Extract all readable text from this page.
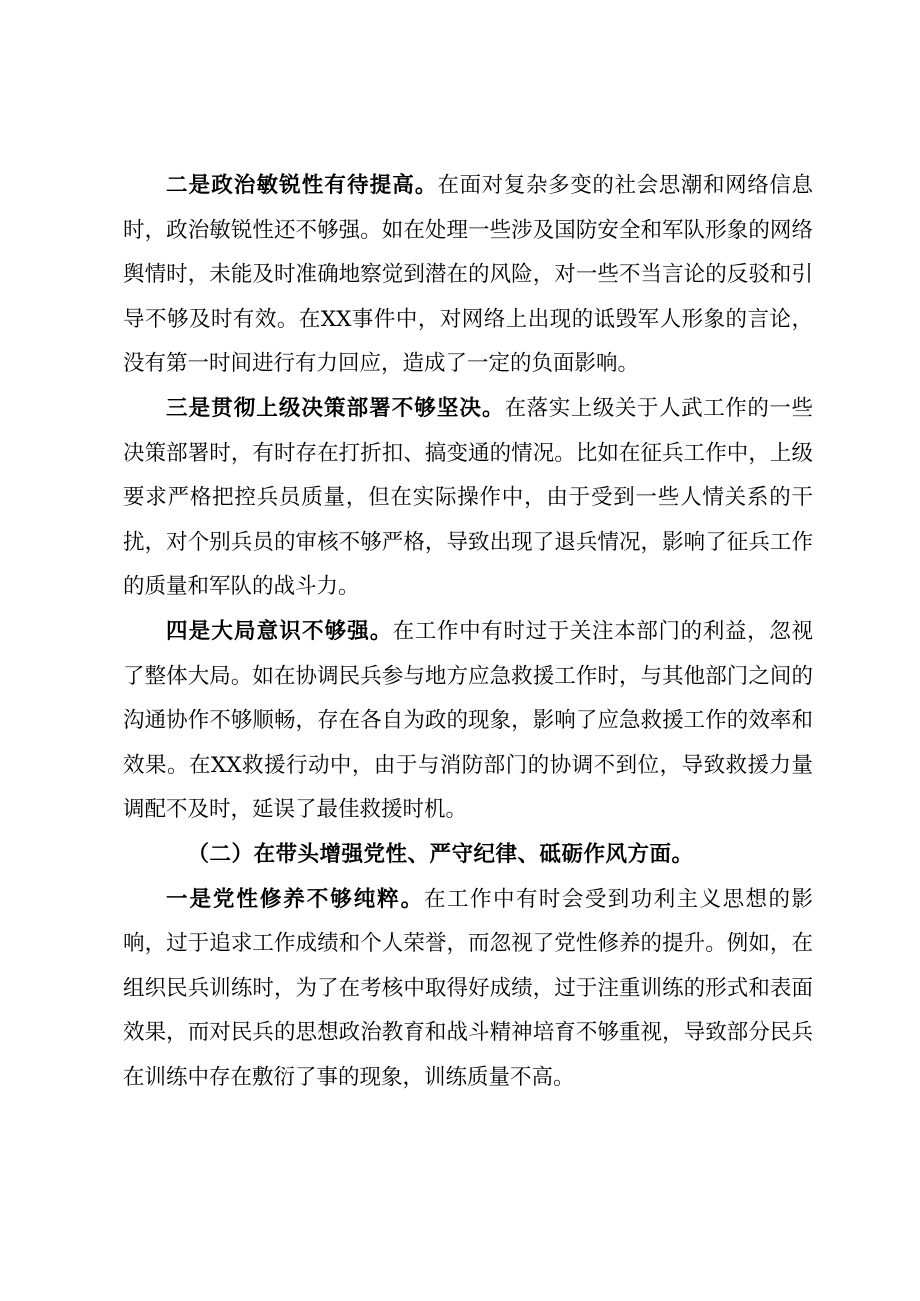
二是政治敏锐性有待提高。在面对复杂多变的社会思潮和网络信息时，政治敏锐性还不够强。如在处理一些涉及国防安全和军队形象的网络舆情时，未能及时准确地察觉到潜在的风险，对一些不当言论的反驳和引导不够及时有效。在XX事件中，对网络上出现的诋毁军人形象的言论，没有第一时间进行有力回应，造成了一定的负面影响。

三是贯彻上级决策部署不够坚决。在落实上级关于人武工作的一些决策部署时，有时存在打折扣、搞变通的情况。比如在征兵工作中，上级要求严格把控兵员质量，但在实际操作中，由于受到一些人情关系的干扰，对个别兵员的审核不够严格，导致出现了退兵情况，影响了征兵工作的质量和军队的战斗力。

四是大局意识不够强。在工作中有时过于关注本部门的利益，忽视了整体大局。如在协调民兵参与地方应急救援工作时，与其他部门之间的沟通协作不够顺畅，存在各自为政的现象，影响了应急救援工作的效率和效果。在XX救援行动中，由于与消防部门的协调不到位，导致救援力量调配不及时，延误了最佳救援时机。

（二）在带头增强党性、严守纪律、砥砺作风方面。

一是党性修养不够纯粹。在工作中有时会受到功利主义思想的影响，过于追求工作成绩和个人荣誉，而忽视了党性修养的提升。例如，在组织民兵训练时，为了在考核中取得好成绩，过于注重训练的形式和表面效果，而对民兵的思想政治教育和战斗精神培育不够重视，导致部分民兵在训练中存在敷衍了事的现象，训练质量不高。
